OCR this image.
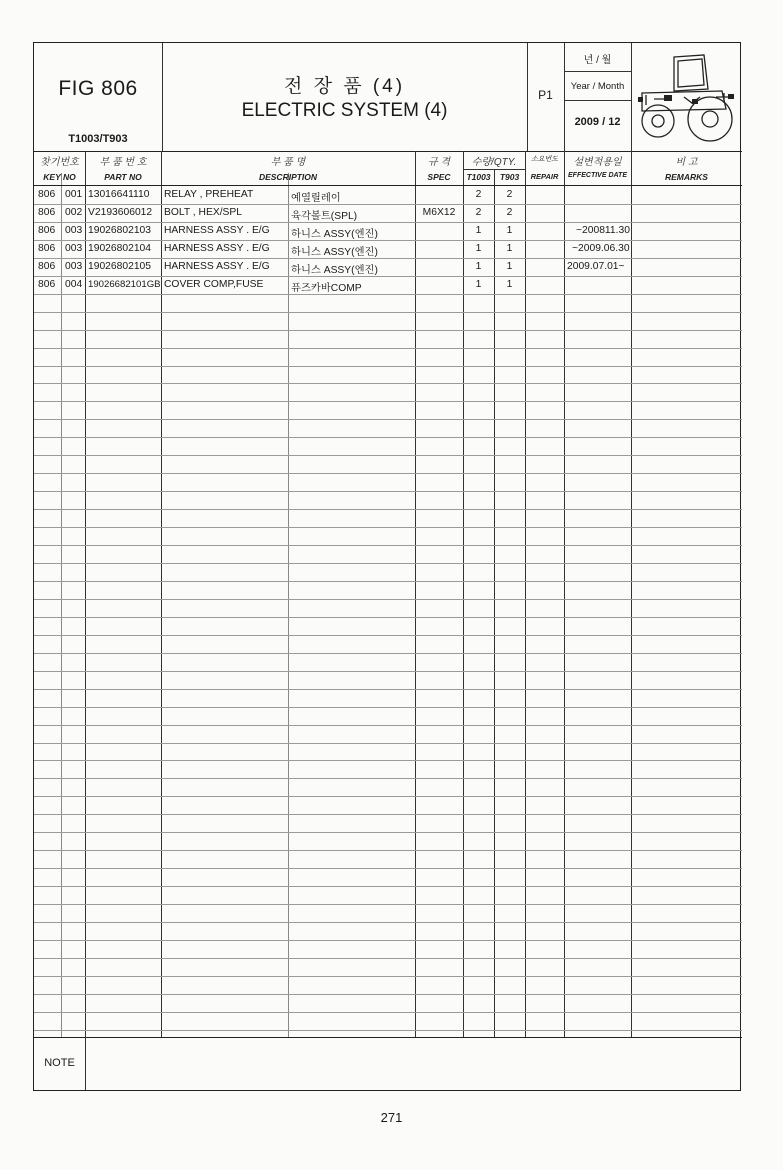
FIG 806
T1003/T903
전 장 품 (4)
ELECTRIC SYSTEM (4)
P1
년 / 월
Year / Month
2009 / 12
찾기번호
KEY NO
부 품 번 호
PART NO
부 품 명
DESCRIPTION
규 격
SPEC
수량/QTY.
T1003	T903
소요번도
REPAIR
설변적용일
EFFECTIVE DATE
비 고
REMARKS
806 001 13016641110 RELAY , PREHEAT	예열릴레이	2	2
806 002 V2193606012 BOLT , HEX/SPL	육각볼트(SPL)	M6X12	2	2
806 003 19026802103 HARNESS ASSY . E/G 하니스 ASSY(엔진)	1	1	~200811.30
806 003 19026802104 HARNESS ASSY . E/G 하니스 ASSY(엔진)	1	1	~2009.06.30
806 003 19026802105 HARNESS ASSY . E/G 하니스 ASSY(엔진)	1	1	2009.07.01~
806 004 19026682101GB COVER COMP,FUSE	퓨즈카바COMP	1	1
NOTE
271
